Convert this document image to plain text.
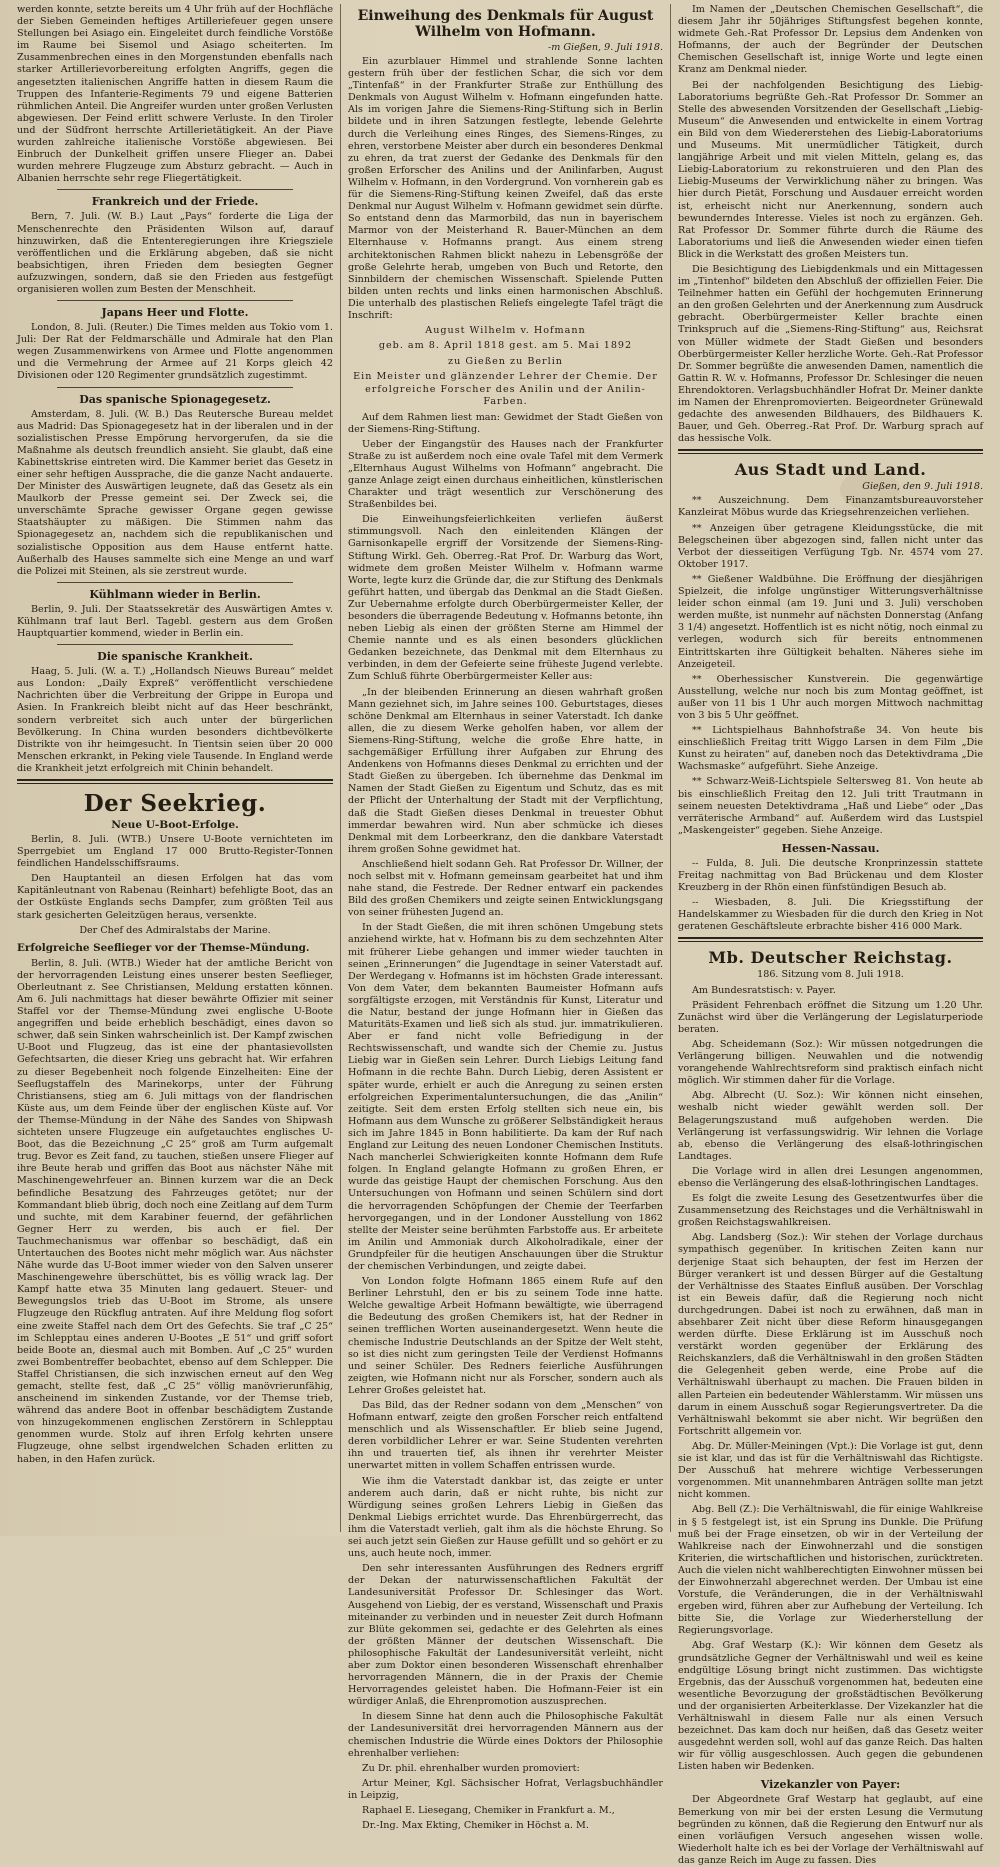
werden konnte, setzte bereits um 4 Uhr früh auf der Hochfläche der Sieben Gemeinden heftiges Artilleriefeuer gegen unsere Stellungen bei Asiago ein. Eingeleitet durch feindliche Vorstöße im Raume bei Sisemol und Asiago scheiterten. Im Zusammenbrechen eines in den Morgenstunden ebenfalls nach starker Artillerievorbereitung erfolgten Angriffs, gegen die angesetzten italienischen Angriffe hatten in diesem Raum die Truppen des Infanterie-Regiments 79 und eigene Batterien rühmlichen Anteil. Die Angreifer wurden unter großen Verlusten abgewiesen. Der Feind erlitt schwere Verluste. In den Tiroler und der Südfront herrschte Artillerietätigkeit. An der Piave wurden zahlreiche italienische Vorstöße abgewiesen. Bei Einbruch der Dunkelheit griffen unsere Flieger an. Dabei wurden mehrere Flugzeuge zum Absturz gebracht. — Auch in Albanien herrschte sehr rege Fliegertätigkeit.

Frankreich und der Friede.

Bern, 7. Juli. (W. B.) Laut „Pays“ forderte die Liga der Menschenrechte den Präsidenten Wilson auf, darauf hinzuwirken, daß die Ententeregierungen ihre Kriegsziele veröffentlichen und die Erklärung abgeben, daß sie nicht beabsichtigen, ihren Frieden dem besiegten Gegner aufzuzwingen, sondern, daß sie den Frieden aus festgefügt organisieren wollen zum Besten der Menschheit.

Japans Heer und Flotte.

London, 8. Juli. (Reuter.) Die Times melden aus Tokio vom 1. Juli: Der Rat der Feldmarschälle und Admirale hat den Plan wegen Zusammenwirkens von Armee und Flotte angenommen und die Vermehrung der Armee auf 21 Korps gleich 42 Divisionen oder 120 Regimenter grundsätzlich zugestimmt.

Das spanische Spionagegesetz.

Amsterdam, 8. Juli. (W. B.) Das Reutersche Bureau meldet aus Madrid: Das Spionagegesetz hat in der liberalen und in der sozialistischen Presse Empörung hervorgerufen, da sie die Maßnahme als deutsch freundlich ansieht. Sie glaubt, daß eine Kabinettskrise eintreten wird. Die Kammer beriet das Gesetz in einer sehr heftigen Aussprache, die die ganze Nacht andauerte. Der Minister des Auswärtigen leugnete, daß das Gesetz als ein Maulkorb der Presse gemeint sei. Der Zweck sei, die unverschämte Sprache gewisser Organe gegen gewisse Staatshäupter zu mäßigen. Die Stimmen nahm das Spionagegesetz an, nachdem sich die republikanischen und sozialistische Opposition aus dem Hause entfernt hatte. Außerhalb des Hauses sammelte sich eine Menge an und warf die Polizei mit Steinen, als sie zerstreut wurde.

Kühlmann wieder in Berlin.

Berlin, 9. Juli. Der Staatssekretär des Auswärtigen Amtes v. Kühlmann traf laut Berl. Tagebl. gestern aus dem Großen Hauptquartier kommend, wieder in Berlin ein.

Die spanische Krankheit.

Haag, 5. Juli. (W. a. T.) „Hollandsch Nieuws Bureau“ meldet aus London: „Daily Expreß“ veröffentlicht verschiedene Nachrichten über die Verbreitung der Grippe in Europa und Asien. In Frankreich bleibt nicht auf das Heer beschränkt, sondern verbreitet sich auch unter der bürgerlichen Bevölkerung. In China wurden besonders dichtbevölkerte Distrikte von ihr heimgesucht. In Tientsin seien über 20 000 Menschen erkrankt, in Peking viele Tausende. In England werde die Krankheit jetzt erfolgreich mit Chinin behandelt.

Der Seekrieg.
Neue U-Boot-Erfolge.

Berlin, 8. Juli. (WTB.) Unsere U-Boote vernichteten im Sperrgebiet um England 17 000 Brutto-Register-Tonnen feindlichen Handelsschiffsraums.

Den Hauptanteil an diesen Erfolgen hat das vom Kapitänleutnant von Rabenau (Reinhart) befehligte Boot, das an der Ostküste Englands sechs Dampfer, zum größten Teil aus stark gesicherten Geleitzügen heraus, versenkte.

Der Chef des Admiralstabs der Marine.

Erfolgreiche Seeflieger vor der Themse-Mündung.

Berlin, 8. Juli. (WTB.) Wieder hat der amtliche Bericht von der hervorragenden Leistung eines unserer besten Seeflieger, Oberleutnant z. See Christiansen, Meldung erstatten können. Am 6. Juli nachmittags hat dieser bewährte Offizier mit seiner Staffel vor der Themse-Mündung zwei englische U-Boote angegriffen und beide erheblich beschädigt, eines davon so schwer, daß sein Sinken wahrscheinlich ist. Der Kampf zwischen U-Boot und Flugzeug, das ist eine der phantasievollsten Gefechtsarten, die dieser Krieg uns gebracht hat. Wir erfahren zu dieser Begebenheit noch folgende Einzelheiten: Eine der Seeflugstaffeln des Marinekorps, unter der Führung Christiansens, stieg am 6. Juli mittags von der flandrischen Küste aus, um dem Feinde über der englischen Küste auf. Vor der Themse-Mündung in der Nähe des Sandes von Shipwash sichteten unsere Flugzeuge ein aufgetauchtes englisches U-Boot, das die Bezeichnung „C 25“ groß am Turm aufgemalt trug. Bevor es Zeit fand, zu tauchen, stießen unsere Flieger auf ihre Beute herab und griffen das Boot aus nächster Nähe mit Maschinengewehrfeuer an. Binnen kurzem war die an Deck befindliche Besatzung des Fahrzeuges getötet; nur der Kommandant blieb übrig, doch noch eine Zeitlang auf dem Turm und suchte, mit dem Karabiner feuernd, der gefährlichen Gegner Herr zu werden, bis auch er fiel. Der Tauchmechanismus war offenbar so beschädigt, daß ein Untertauchen des Bootes nicht mehr möglich war. Aus nächster Nähe wurde das U-Boot immer wieder von den Salven unserer Maschinengewehre überschüttet, bis es völlig wrack lag. Der Kampf hatte etwa 35 Minuten lang gedauert. Steuer- und Bewegungslos trieb das U-Boot im Strome, als unsere Flugzeuge den Rückflug antraten. Auf ihre Meldung flog sofort eine zweite Staffel nach dem Ort des Gefechts. Sie traf „C 25“ im Schlepptau eines anderen U-Bootes „E 51“ und griff sofort beide Boote an, diesmal auch mit Bomben. Auf „C 25“ wurden zwei Bombentreffer beobachtet, ebenso auf dem Schlepper. Die Staffel Christiansen, die sich inzwischen erneut auf den Weg gemacht, stellte fest, daß „C 25“ völlig manövrierunfähig, anscheinend im sinkenden Zustande, vor der Themse trieb, während das andere Boot in offenbar beschädigtem Zustande von hinzugekommenen englischen Zerstörern in Schlepptau genommen wurde. Stolz auf ihren Erfolg kehrten unsere Flugzeuge, ohne selbst irgendwelchen Schaden erlitten zu haben, in den Hafen zurück.

Einweihung des Denkmals für August Wilhelm von Hofmann.
-m Gießen, 9. Juli 1918.

Ein azurblauer Himmel und strahlende Sonne lachten gestern früh über der festlichen Schar, die sich vor dem „Tintenfaß“ in der Frankfurter Straße zur Enthüllung des Denkmals von August Wilhelm v. Hofmann eingefunden hatte. Als im vorigen Jahre die Siemens-Ring-Stiftung sich in Berlin bildete und in ihren Satzungen festlegte, lebende Gelehrte durch die Verleihung eines Ringes, des Siemens-Ringes, zu ehren, verstorbene Meister aber durch ein besonderes Denkmal zu ehren, da trat zuerst der Gedanke des Denkmals für den großen Erforscher des Anilins und der Anilinfarben, August Wilhelm v. Hofmann, in den Vordergrund. Von vornherein gab es für die Siemens-Ring-Stiftung keinen Zweifel, daß das erste Denkmal nur August Wilhelm v. Hofmann gewidmet sein dürfte. So entstand denn das Marmorbild, das nun in bayerischem Marmor von der Meisterhand R. Bauer-München an dem Elternhause v. Hofmanns prangt. Aus einem streng architektonischen Rahmen blickt nahezu in Lebensgröße der große Gelehrte herab, umgeben von Buch und Retorte, den Sinnbildern der chemischen Wissenschaft. Spielende Putten bilden unten rechts und links einen harmonischen Abschluß. Die unterhalb des plastischen Reliefs eingelegte Tafel trägt die Inschrift:

August Wilhelm v. Hofmann

geb. am 8. April 1818 gest. am 5. Mai 1892

zu Gießen zu Berlin

Ein Meister und glänzender Lehrer der Chemie. Der erfolgreiche Forscher des Anilin und der Anilin-Farben.

Auf dem Rahmen liest man: Gewidmet der Stadt Gießen von der Siemens-Ring-Stiftung.

Ueber der Eingangstür des Hauses nach der Frankfurter Straße zu ist außerdem noch eine ovale Tafel mit dem Vermerk „Elternhaus August Wilhelms von Hofmann“ angebracht. Die ganze Anlage zeigt einen durchaus einheitlichen, künstlerischen Charakter und trägt wesentlich zur Verschönerung des Straßenbildes bei.

Die Einweihungsfeierlichkeiten verliefen äußerst stimmungsvoll. Nach den einleitenden Klängen der Garnisonkapelle ergriff der Vorsitzende der Siemens-Ring-Stiftung Wirkl. Geh. Oberreg.-Rat Prof. Dr. Warburg das Wort, widmete dem großen Meister Wilhelm v. Hofmann warme Worte, legte kurz die Gründe dar, die zur Stiftung des Denkmals geführt hatten, und übergab das Denkmal an die Stadt Gießen. Zur Uebernahme erfolgte durch Oberbürgermeister Keller, der besonders die überragende Bedeutung v. Hofmanns betonte, ihn neben Liebig als einen der größten Sterne am Himmel der Chemie nannte und es als einen besonders glücklichen Gedanken bezeichnete, das Denkmal mit dem Elternhaus zu verbinden, in dem der Gefeierte seine früheste Jugend verlebte. Zum Schluß führte Oberbürgermeister Keller aus:

„In der bleibenden Erinnerung an diesen wahrhaft großen Mann geziehnet sich, im Jahre seines 100. Geburtstages, dieses schöne Denkmal am Elternhaus in seiner Vaterstadt. Ich danke allen, die zu diesem Werke geholfen haben, vor allem der Siemens-Ring-Stiftung, welche die große Ehre hatte, in sachgemäßiger Erfüllung ihrer Aufgaben zur Ehrung des Andenkens von Hofmanns dieses Denkmal zu errichten und der Stadt Gießen zu übergeben. Ich übernehme das Denkmal im Namen der Stadt Gießen zu Eigentum und Schutz, das es mit der Pflicht der Unterhaltung der Stadt mit der Verpflichtung, daß die Stadt Gießen dieses Denkmal in treuester Obhut immerdar bewahren wird. Nun aber schmücke ich dieses Denkmal mit dem Lorbeerkranz, den die dankbare Vaterstadt ihrem großen Sohne gewidmet hat.

Anschließend hielt sodann Geh. Rat Professor Dr. Willner, der noch selbst mit v. Hofmann gemeinsam gearbeitet hat und ihm nahe stand, die Festrede. Der Redner entwarf ein packendes Bild des großen Chemikers und zeigte seinen Entwicklungsgang von seiner frühesten Jugend an.

In der Stadt Gießen, die mit ihren schönen Umgebung stets anziehend wirkte, hat v. Hofmann bis zu dem sechzehnten Alter mit früherer Liebe gehangen und immer wieder tauchten in seinen „Erinnerungen“ die Jugendtage in seiner Vaterstadt auf. Der Werdegang v. Hofmanns ist im höchsten Grade interessant. Von dem Vater, dem bekannten Baumeister Hofmann aufs sorgfältigste erzogen, mit Verständnis für Kunst, Literatur und die Natur, bestand der junge Hofmann hier in Gießen das Maturitäts-Examen und ließ sich als stud. jur. immatrikulieren. Aber er fand nicht volle Befriedigung in der Rechtswissenschaft, und wandte sich der Chemie zu. Justus Liebig war in Gießen sein Lehrer. Durch Liebigs Leitung fand Hofmann in die rechte Bahn. Durch Liebig, deren Assistent er später wurde, erhielt er auch die Anregung zu seinen ersten erfolgreichen Experimentaluntersuchungen, die das „Anilin“ zeitigte. Seit dem ersten Erfolg stellten sich neue ein, bis Hofmann aus dem Wunsche zu größerer Selbständigkeit heraus sich im Jahre 1845 in Bonn habilitierte. Da kam der Ruf nach England zur Leitung des neuen Londoner Chemischen Instituts. Nach mancherlei Schwierigkeiten konnte Hofmann dem Rufe folgen. In England gelangte Hofmann zu großen Ehren, er wurde das geistige Haupt der chemischen Forschung. Aus den Untersuchungen von Hofmann und seinen Schülern sind dort die hervorragenden Schöpfungen der Chemie der Teerfarben hervorgegangen, und in der Londoner Ausstellung von 1862 stellte der Meister seine berühmten Farbstoffe aus. Er arbeitete im Anilin und Ammoniak durch Alkoholradikale, einer der Grundpfeiler für die heutigen Anschauungen über die Struktur der chemischen Verbindungen, und zeigte dabei.

Von London folgte Hofmann 1865 einem Rufe auf den Berliner Lehrstuhl, den er bis zu seinem Tode inne hatte. Welche gewaltige Arbeit Hofmann bewältigte, wie überragend die Bedeutung des großen Chemikers ist, hat der Redner in seinen trefflichen Worten auseinandergesetzt. Wenn heute die chemische Industrie Deutschlands an der Spitze der Welt steht, so ist dies nicht zum geringsten Teile der Verdienst Hofmanns und seiner Schüler. Des Redners feierliche Ausführungen zeigten, wie Hofmann nicht nur als Forscher, sondern auch als Lehrer Großes geleistet hat.

Das Bild, das der Redner sodann von dem „Menschen“ von Hofmann entwarf, zeigte den großen Forscher reich entfaltend menschlich und als Wissenschaftler. Er blieb seine Jugend, deren vorbildlicher Lehrer er war. Seine Studenten verehrten ihn und trauerten tief, als ihnen ihr verehrter Meister unerwartet mitten in vollem Schaffen entrissen wurde.

Wie ihm die Vaterstadt dankbar ist, das zeigte er unter anderem auch darin, daß er nicht ruhte, bis nicht zur Würdigung seines großen Lehrers Liebig in Gießen das Denkmal Liebigs errichtet wurde. Das Ehrenbürgerrecht, das ihm die Vaterstadt verlieh, galt ihm als die höchste Ehrung. So sei auch jetzt sein Gießen zur Hause gefüllt und so gehört er zu uns, auch heute noch, immer.

Den sehr interessanten Ausführungen des Redners ergriff der Dekan der naturwissenschaftlichen Fakultät der Landesuniversität Professor Dr. Schlesinger das Wort. Ausgehend von Liebig, der es verstand, Wissenschaft und Praxis miteinander zu verbinden und in neuester Zeit durch Hofmann zur Blüte gekommen sei, gedachte er des Gelehrten als eines der größten Männer der deutschen Wissenschaft. Die philosophische Fakultät der Landesuniversität verleiht, nicht aber zum Doktor einen besonderen Wissenschaft ehrenhalber hervorragenden Männern, die in der Praxis der Chemie Hervorragendes geleistet haben. Die Hofmann-Feier ist ein würdiger Anlaß, die Ehrenpromotion auszusprechen.

In diesem Sinne hat denn auch die Philosophische Fakultät der Landesuniversität drei hervorragenden Männern aus der chemischen Industrie die Würde eines Doktors der Philosophie ehrenhalber verliehen:

Zu Dr. phil. ehrenhalber wurden promoviert:

Artur Meiner, Kgl. Sächsischer Hofrat, Verlagsbuchhändler in Leipzig,

Raphael E. Liesegang, Chemiker in Frankfurt a. M.,

Dr.-Ing. Max Ekting, Chemiker in Höchst a. M.

Im Namen der „Deutschen Chemischen Gesellschaft“, die diesem Jahr ihr 50jähriges Stiftungsfest begehen konnte, widmete Geh.-Rat Professor Dr. Lepsius dem Andenken von Hofmanns, der auch der Begründer der Deutschen Chemischen Gesellschaft ist, innige Worte und legte einen Kranz am Denkmal nieder.

Bei der nachfolgenden Besichtigung des Liebig-Laboratoriums begrüßte Geh.-Rat Professor Dr. Sommer an Stelle des abwesenden Vorsitzenden der Gesellschaft „Liebig-Museum“ die Anwesenden und entwickelte in einem Vortrag ein Bild von dem Wiedererstehen des Liebig-Laboratoriums und Museums. Mit unermüdlicher Tätigkeit, durch langjährige Arbeit und mit vielen Mitteln, gelang es, das Liebig-Laboratorium zu rekonstruieren und den Plan des Liebig-Museums der Verwirklichung näher zu bringen. Was hier durch Pietät, Forschung und Ausdauer erreicht worden ist, erheischt nicht nur Anerkennung, sondern auch bewunderndes Interesse. Vieles ist noch zu ergänzen. Geh. Rat Professor Dr. Sommer führte durch die Räume des Laboratoriums und ließ die Anwesenden wieder einen tiefen Blick in die Werkstatt des großen Meisters tun.

Die Besichtigung des Liebigdenkmals und ein Mittagessen im „Tintenhof“ bildeten den Abschluß der offiziellen Feier. Die Teilnehmer hatten ein Gefühl der hochgemuten Erinnerung an den großen Gelehrten und der Anerkennung zum Ausdruck gebracht. Oberbürgermeister Keller brachte einen Trinkspruch auf die „Siemens-Ring-Stiftung“ aus, Reichsrat von Müller widmete der Stadt Gießen und besonders Oberbürgermeister Keller herzliche Worte. Geh.-Rat Professor Dr. Sommer begrüßte die anwesenden Damen, namentlich die Gattin R. W. v. Hofmanns, Professor Dr. Schlesinger die neuen Ehrendoktoren. Verlagsbuchhändler Hofrat Dr. Meiner dankte im Namen der Ehrenpromovierten. Beigeordneter Grünewald gedachte des anwesenden Bildhauers, des Bildhauers K. Bauer, und Geh. Oberreg.-Rat Prof. Dr. Warburg sprach auf das hessische Volk.

Aus Stadt und Land.
Gießen, den 9. Juli 1918.

** Auszeichnung. Dem Finanzamtsbureauvorsteher Kanzleirat Möbus wurde das Kriegsehrenzeichen verliehen.

** Anzeigen über getragene Kleidungsstücke, die mit Belegscheinen über abgezogen sind, fallen nicht unter das Verbot der diesseitigen Verfügung Tgb. Nr. 4574 vom 27. Oktober 1917.

** Gießener Waldbühne. Die Eröffnung der diesjährigen Spielzeit, die infolge ungünstiger Witterungsverhältnisse leider schon einmal (am 19. Juni und 3. Juli) verschoben werden mußte, ist nunmehr auf nächsten Donnerstag (Anfang 3 1/4) angesetzt. Hoffentlich ist es nicht nötig, noch einmal zu verlegen, wodurch sich für bereits entnommenen Eintrittskarten ihre Gültigkeit behalten. Näheres siehe im Anzeigeteil.

** Oberhessischer Kunstverein. Die gegenwärtige Ausstellung, welche nur noch bis zum Montag geöffnet, ist außer von 11 bis 1 Uhr auch morgen Mittwoch nachmittag von 3 bis 5 Uhr geöffnet.

** Lichtspielhaus Bahnhofstraße 34. Von heute bis einschließlich Freitag tritt Wiggo Larsen in dem Film „Die Kunst zu heiraten“ auf, daneben noch das Detektivdrama „Die Wachsmaske“ aufgeführt. Siehe Anzeige.

** Schwarz-Weiß-Lichtspiele Seltersweg 81. Von heute ab bis einschließlich Freitag den 12. Juli tritt Trautmann in seinem neuesten Detektivdrama „Haß und Liebe“ oder „Das verräterische Armband“ auf. Außerdem wird das Lustspiel „Maskengeister“ gegeben. Siehe Anzeige.

Hessen-Nassau.

-- Fulda, 8. Juli. Die deutsche Kronprinzessin stattete Freitag nachmittag von Bad Brückenau und dem Kloster Kreuzberg in der Rhön einen fünfstündigen Besuch ab.

-- Wiesbaden, 8. Juli. Die Kriegsstiftung der Handelskammer zu Wiesbaden für die durch den Krieg in Not geratenen Geschäftsleute erbrachte bisher 416 000 Mark.

Mb. Deutscher Reichstag.

186. Sitzung vom 8. Juli 1918.

Am Bundesratstisch: v. Payer.

Präsident Fehrenbach eröffnet die Sitzung um 1.20 Uhr. Zunächst wird über die Verlängerung der Legislaturperiode beraten.

Abg. Scheidemann (Soz.): Wir müssen notgedrungen die Verlängerung billigen. Neuwahlen und die notwendig vorangehende Wahlrechtsreform sind praktisch einfach nicht möglich. Wir stimmen daher für die Vorlage.

Abg. Albrecht (U. Soz.): Wir können nicht einsehen, weshalb nicht wieder gewählt werden soll. Der Belagerungszustand muß aufgehoben werden. Die Verlängerung ist verfassungswidrig. Wir lehnen die Vorlage ab, ebenso die Verlängerung des elsaß-lothringischen Landtages.

Die Vorlage wird in allen drei Lesungen angenommen, ebenso die Verlängerung des elsaß-lothringischen Landtages.

Es folgt die zweite Lesung des Gesetzentwurfes über die Zusammensetzung des Reichstages und die Verhältniswahl in großen Reichstagswahlkreisen.

Abg. Landsberg (Soz.): Wir stehen der Vorlage durchaus sympathisch gegenüber. In kritischen Zeiten kann nur derjenige Staat sich behaupten, der fest im Herzen der Bürger verankert ist und dessen Bürger auf die Gestaltung der Verhältnisse des Staates Einfluß ausüben. Der Vorschlag ist ein Beweis dafür, daß die Regierung noch nicht durchgedrungen. Dabei ist noch zu erwähnen, daß man in absehbarer Zeit nicht über diese Reform hinausgegangen werden dürfte. Diese Erklärung ist im Ausschuß noch verstärkt worden gegenüber der Erklärung des Reichskanzlers, daß die Verhältniswahl in den großen Städten die Gelegenheit geben werde, eine Probe auf die Verhältniswahl überhaupt zu machen. Die Frauen bilden in allen Parteien ein bedeutender Wählerstamm. Wir müssen uns darum in einem Ausschuß sogar Regierungsvertreter. Da die Verhältniswahl bekommt sie aber nicht. Wir begrüßen den Fortschritt allgemein vor.

Abg. Dr. Müller-Meiningen (Vpt.): Die Vorlage ist gut, denn sie ist klar, und das ist für die Verhältniswahl das Richtigste. Der Ausschuß hat mehrere wichtige Verbesserungen vorgenommen. Mit unannehmbaren Anträgen sollte man jetzt nicht kommen.

Abg. Bell (Z.): Die Verhältniswahl, die für einige Wahlkreise in § 5 festgelegt ist, ist ein Sprung ins Dunkle. Die Prüfung muß bei der Frage einsetzen, ob wir in der Verteilung der Wahlkreise nach der Einwohnerzahl und die sonstigen Kriterien, die wirtschaftlichen und historischen, zurücktreten. Auch die vielen nicht wahlberechtigten Einwohner müssen bei der Einwohnerzahl abgerechnet werden. Der Umbau ist eine Vorstufe, die Veränderungen, die in der Verhältniswahl ergeben wird, führen aber zur Aufhebung der Verteilung. Ich bitte Sie, die Vorlage zur Wiederherstellung der Regierungsvorlage.

Abg. Graf Westarp (K.): Wir können dem Gesetz als grundsätzliche Gegner der Verhältniswahl und weil es keine endgültige Lösung bringt nicht zustimmen. Das wichtigste Ergebnis, das der Ausschuß vorgenommen hat, bedeuten eine wesentliche Bevorzugung der großstädtischen Bevölkerung und der organisierten Arbeiterklasse. Der Vizekanzler hat die Verhältniswahl in diesem Falle nur als einen Versuch bezeichnet. Das kam doch nur heißen, daß das Gesetz weiter ausgedehnt werden soll, wohl auf das ganze Reich. Das halten wir für völlig ausgeschlossen. Auch gegen die gebundenen Listen haben wir Bedenken.

Vizekanzler von Payer:

Der Abgeordnete Graf Westarp hat geglaubt, auf eine Bemerkung von mir bei der ersten Lesung die Vermutung begründen zu können, daß die Regierung den Entwurf nur als einen vorläufigen Versuch angesehen wissen wolle. Wiederholt halte ich es bei der Vorlage der Verhältniswahl auf das ganze Reich im Auge zu fassen. Dies
